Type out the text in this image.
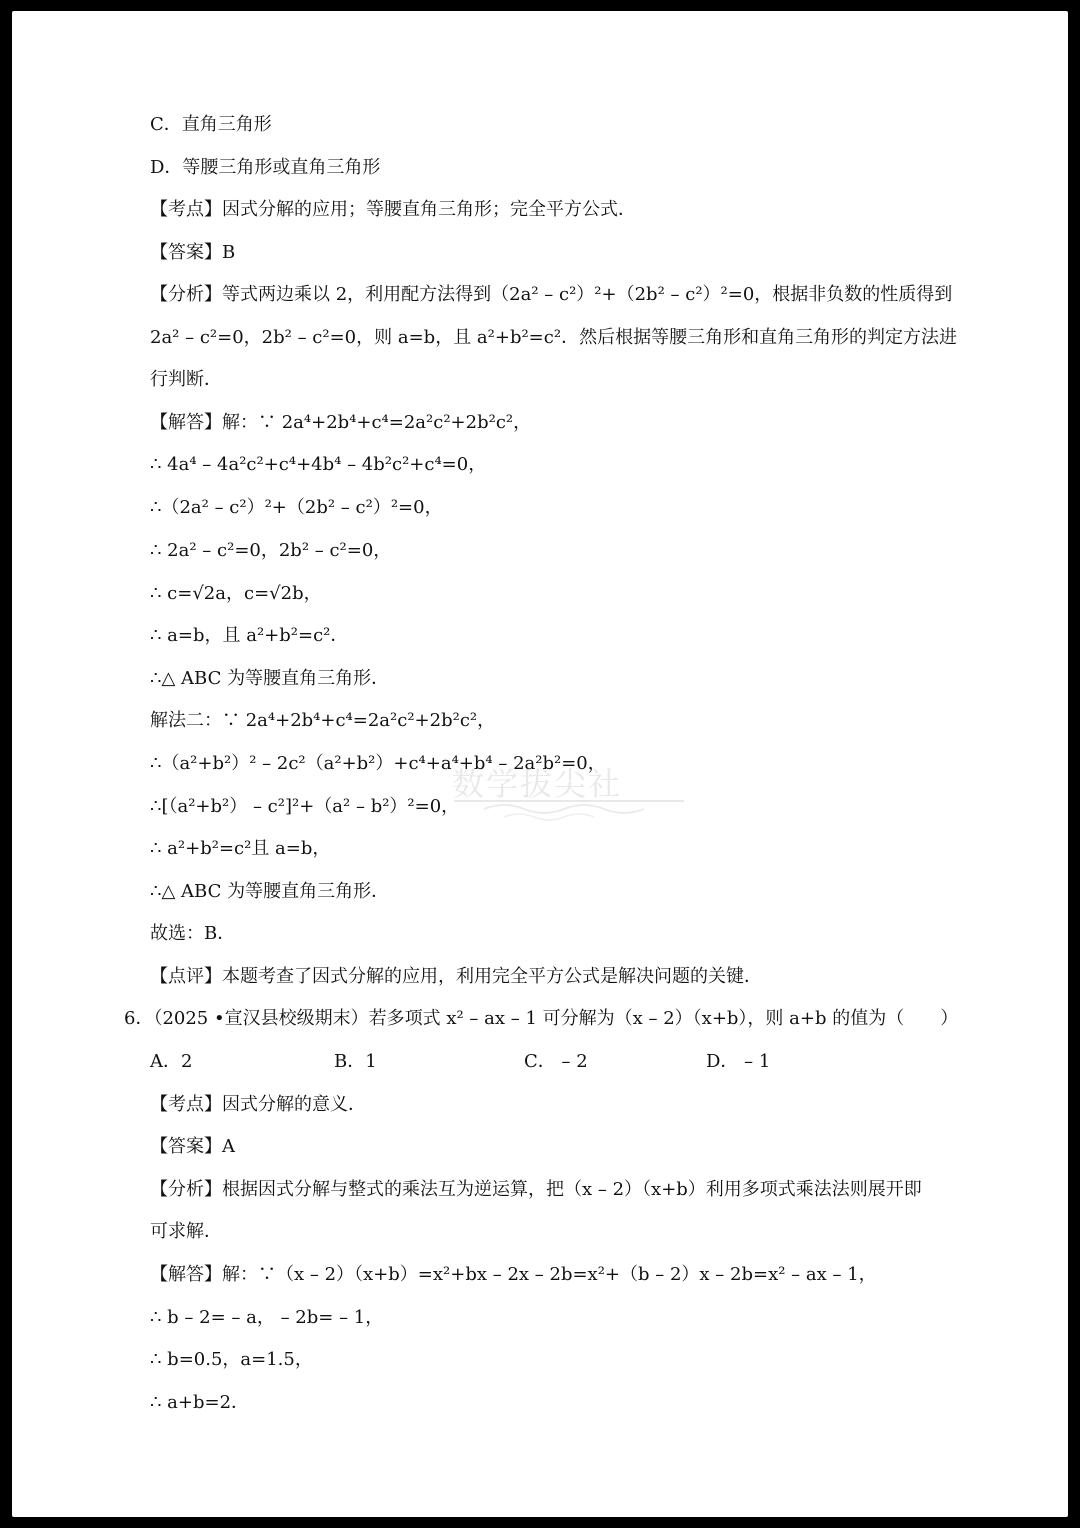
C．直角三角形
D．等腰三角形或直角三角形
【考点】因式分解的应用；等腰直角三角形；完全平方公式．
【答案】B
【分析】等式两边乘以 2，利用配方法得到（2a² – c²）²+（2b² – c²）²=0，根据非负数的性质得到
2a² – c²=0，2b² – c²=0，则 a=b，且 a²+b²=c²．然后根据等腰三角形和直角三角形的判定方法进
行判断．
【解答】解：∵ 2a⁴+2b⁴+c⁴=2a²c²+2b²c²，
∴ 4a⁴ – 4a²c²+c⁴+4b⁴ – 4b²c²+c⁴=0，
∴（2a² – c²）²+（2b² – c²）²=0，
∴ 2a² – c²=0，2b² – c²=0，
∴ c=√2a，c=√2b，
∴ a=b，且 a²+b²=c²．
∴△ ABC 为等腰直角三角形．
解法二：∵ 2a⁴+2b⁴+c⁴=2a²c²+2b²c²，
∴（a²+b²）² – 2c²（a²+b²）+c⁴+a⁴+b⁴ – 2a²b²=0，
∴[（a²+b²） – c²]²+（a² – b²）²=0，
∴ a²+b²=c²且 a=b，
∴△ ABC 为等腰直角三角形．
故选：B．
【点评】本题考查了因式分解的应用，利用完全平方公式是解决问题的关键．
6．（2025 •宣汉县校级期末）若多项式 x² – ax – 1 可分解为（x – 2）（x+b），则 a+b 的值为（　　）
A．2	B．1	C． – 2	D． – 1
【考点】因式分解的意义．
【答案】A
【分析】根据因式分解与整式的乘法互为逆运算，把（x – 2）（x+b）利用多项式乘法法则展开即
可求解．
【解答】解：∵（x – 2）（x+b）=x²+bx – 2x – 2b=x²+（b – 2）x – 2b=x² – ax – 1，
∴ b – 2= – a， – 2b= – 1，
∴ b=0.5，a=1.5，
∴ a+b=2．
数学拔尖社
